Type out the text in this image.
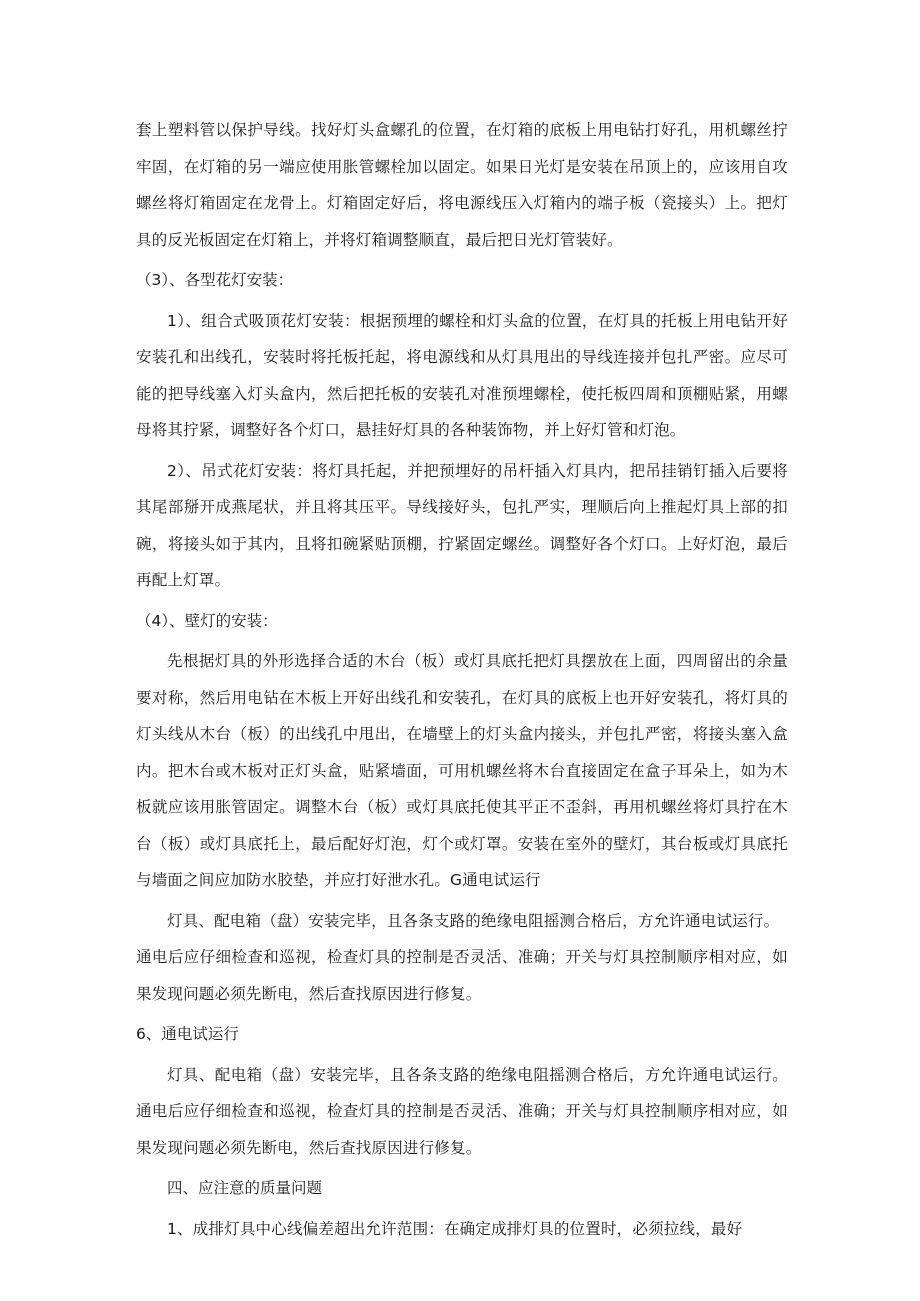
套上塑料管以保护导线。找好灯头盒螺孔的位置，在灯箱的底板上用电钻打好孔，用机螺丝拧牢固，在灯箱的另一端应使用胀管螺栓加以固定。如果日光灯是安装在吊顶上的，应该用自攻螺丝将灯箱固定在龙骨上。灯箱固定好后，将电源线压入灯箱内的端子板（瓷接头）上。把灯具的反光板固定在灯箱上，并将灯箱调整顺直，最后把日光灯管装好。

（3）、各型花灯安装：

1）、组合式吸顶花灯安装：根据预埋的螺栓和灯头盒的位置，在灯具的托板上用电钻开好安装孔和出线孔，安装时将托板托起，将电源线和从灯具甩出的导线连接并包扎严密。应尽可能的把导线塞入灯头盒内，然后把托板的安装孔对准预埋螺栓，使托板四周和顶棚贴紧，用螺母将其拧紧，调整好各个灯口，悬挂好灯具的各种装饰物，并上好灯管和灯泡。

2）、吊式花灯安装：将灯具托起，并把预埋好的吊杆插入灯具内，把吊挂销钉插入后要将其尾部掰开成燕尾状，并且将其压平。导线接好头，包扎严实，理顺后向上推起灯具上部的扣碗，将接头如于其内，且将扣碗紧贴顶棚，拧紧固定螺丝。调整好各个灯口。上好灯泡，最后再配上灯罩。

（4）、壁灯的安装：

先根据灯具的外形选择合适的木台（板）或灯具底托把灯具摆放在上面，四周留出的余量要对称，然后用电钻在木板上开好出线孔和安装孔，在灯具的底板上也开好安装孔，将灯具的灯头线从木台（板）的出线孔中甩出，在墙壁上的灯头盒内接头，并包扎严密，将接头塞入盒内。把木台或木板对正灯头盒，贴紧墙面，可用机螺丝将木台直接固定在盒子耳朵上，如为木板就应该用胀管固定。调整木台（板）或灯具底托使其平正不歪斜，再用机螺丝将灯具拧在木台（板）或灯具底托上，最后配好灯泡，灯个或灯罩。安装在室外的壁灯，其台板或灯具底托与墙面之间应加防水胶垫，并应打好泄水孔。G通电试运行

灯具、配电箱（盘）安装完毕，且各条支路的绝缘电阻摇测合格后，方允许通电试运行。

通电后应仔细检查和巡视，检查灯具的控制是否灵活、准确；开关与灯具控制顺序相对应，如果发现问题必须先断电，然后查找原因进行修复。

6、通电试运行

灯具、配电箱（盘）安装完毕，且各条支路的绝缘电阻摇测合格后，方允许通电试运行。通电后应仔细检查和巡视，检查灯具的控制是否灵活、准确；开关与灯具控制顺序相对应，如果发现问题必须先断电，然后查找原因进行修复。

四、应注意的质量问题

1、成排灯具中心线偏差超出允许范围：在确定成排灯具的位置时，必须拉线，最好
